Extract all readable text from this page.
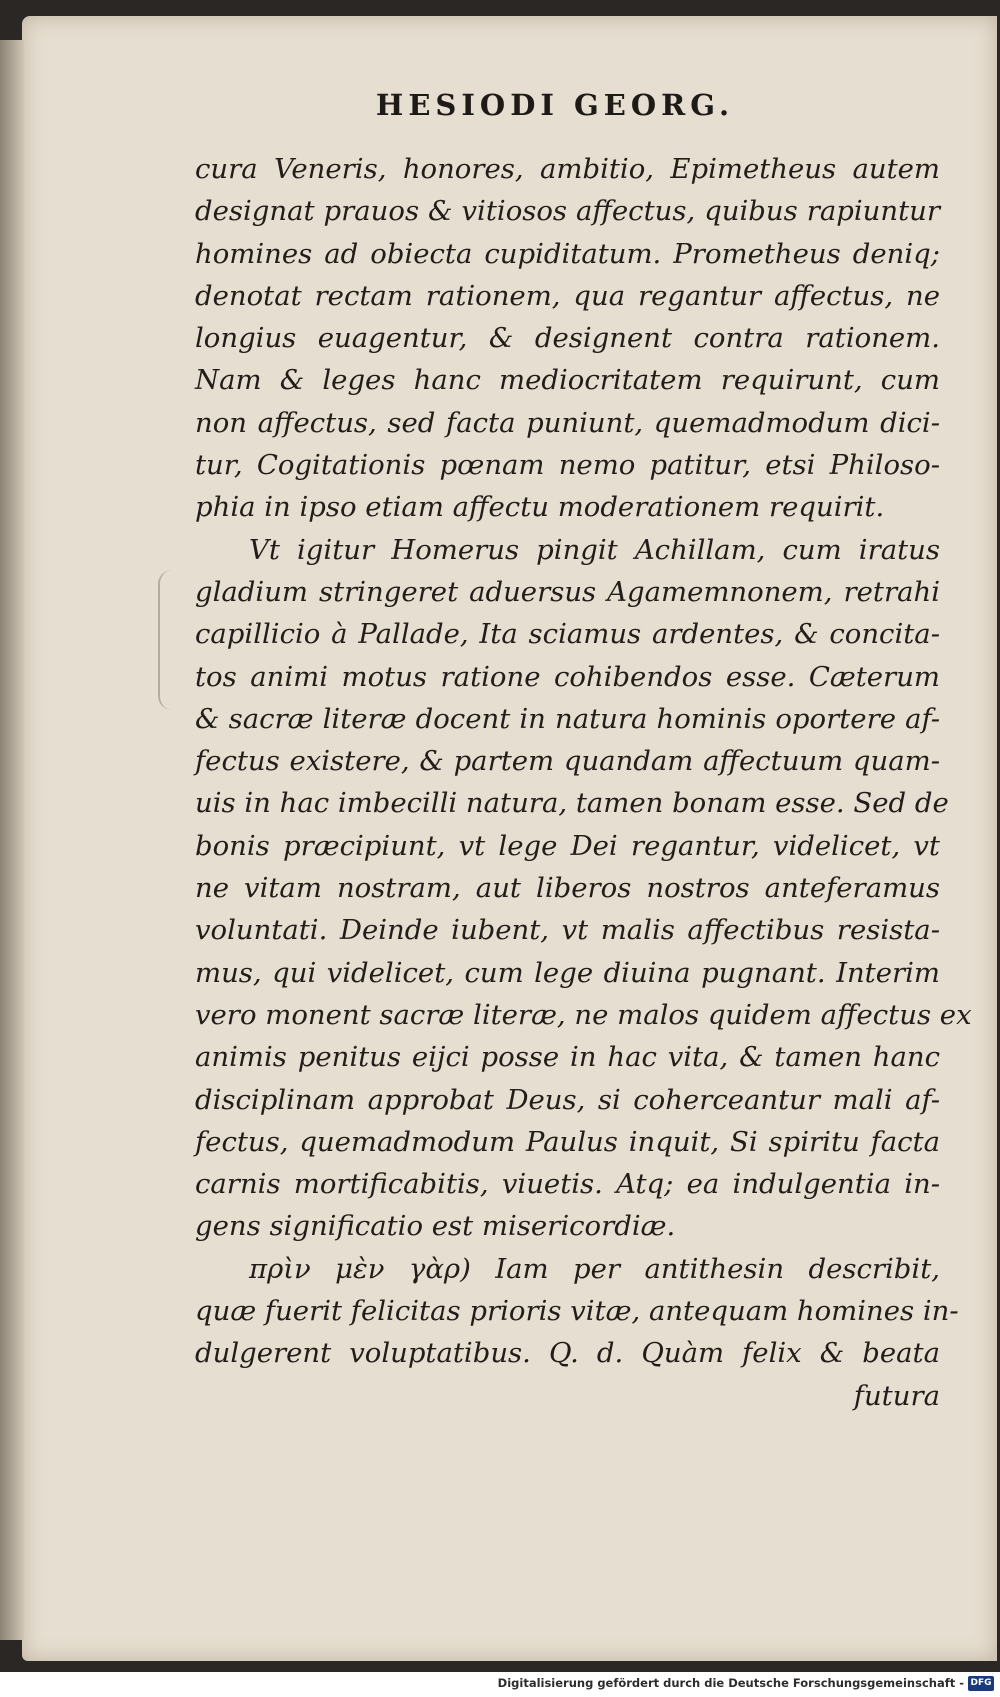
HESIODI GEORG.
cura Veneris, honores, ambitio, Epimetheus autem
designat prauos & vitiosos affectus, quibus rapiuntur
homines ad obiecta cupiditatum. Prometheus deniq;
denotat rectam rationem, qua regantur affectus, ne
longius euagentur, & designent contra rationem.
Nam & leges hanc mediocritatem requirunt, cum
non affectus, sed facta puniunt, quemadmodum dici-
tur, Cogitationis pœnam nemo patitur, etsi Philoso-
phia in ipso etiam affectu moderationem requirit.
Vt igitur Homerus pingit Achillam, cum iratus
gladium stringeret aduersus Agamemnonem, retrahi
capillicio à Pallade, Ita sciamus ardentes, & concita-
tos animi motus ratione cohibendos esse. Cæterum
& sacræ literæ docent in natura hominis oportere af-
fectus existere, & partem quandam affectuum quam-
uis in hac imbecilli natura, tamen bonam esse. Sed de
bonis præcipiunt, vt lege Dei regantur, videlicet, vt
ne vitam nostram, aut liberos nostros anteferamus
voluntati. Deinde iubent, vt malis affectibus resista-
mus, qui videlicet, cum lege diuina pugnant. Interim
vero monent sacræ literæ, ne malos quidem affectus ex
animis penitus eijci posse in hac vita, & tamen hanc
disciplinam approbat Deus, si coherceantur mali af-
fectus, quemadmodum Paulus inquit, Si spiritu facta
carnis mortificabitis, viuetis. Atq; ea indulgentia in-
gens significatio est misericordiæ.
πρὶν μὲν γὰρ) Iam per antithesin describit,
quæ fuerit felicitas prioris vitæ, antequam homines in-
dulgerent voluptatibus. Q. d. Quàm felix & beata
futura
Digitalisierung gefördert durch die Deutsche Forschungsgemeinschaft - DFG
